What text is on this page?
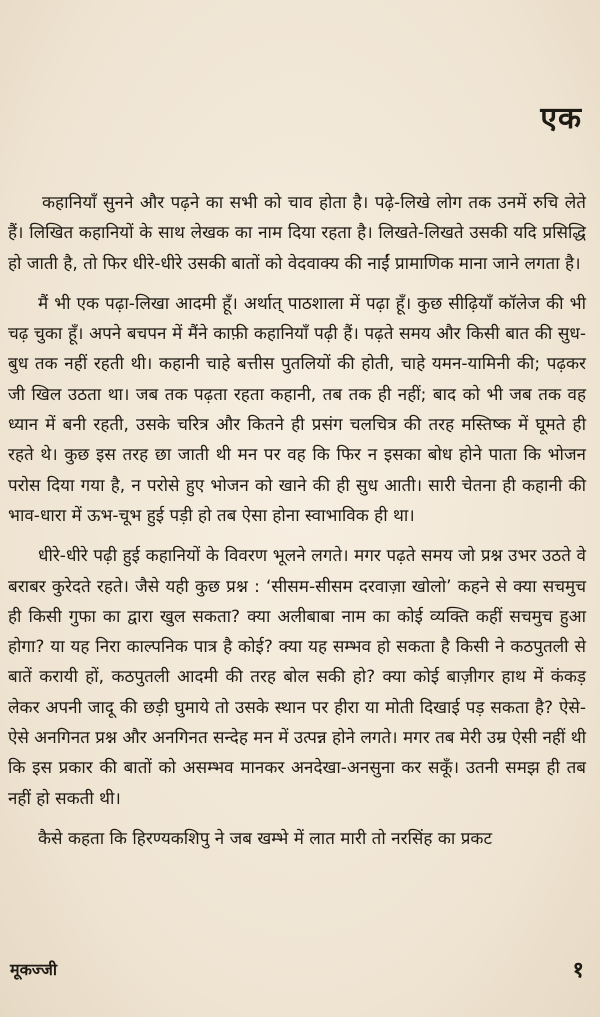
एक

कहानियाँ सुनने और पढ़ने का सभी को चाव होता है। पढ़े-लिखे लोग तक उनमें रुचि लेते हैं। लिखित कहानियों के साथ लेखक का नाम दिया रहता है। लिखते-लिखते उसकी यदि प्रसिद्धि हो जाती है, तो फिर धीरे-धीरे उसकी बातों को वेदवाक्य की नाईं प्रामाणिक माना जाने लगता है।

मैं भी एक पढ़ा-लिखा आदमी हूँ। अर्थात् पाठशाला में पढ़ा हूँ। कुछ सीढ़ियाँ कॉलेज की भी चढ़ चुका हूँ। अपने बचपन में मैंने काफ़ी कहानियाँ पढ़ी हैं। पढ़ते समय और किसी बात की सुध-बुध तक नहीं रहती थी। कहानी चाहे बत्तीस पुतलियों की होती, चाहे यमन-यामिनी की; पढ़कर जी खिल उठता था। जब तक पढ़ता रहता कहानी, तब तक ही नहीं; बाद को भी जब तक वह ध्यान में बनी रहती, उसके चरित्र और कितने ही प्रसंग चलचित्र की तरह मस्तिष्क में घूमते ही रहते थे। कुछ इस तरह छा जाती थी मन पर वह कि फिर न इसका बोध होने पाता कि भोजन परोस दिया गया है, न परोसे हुए भोजन को खाने की ही सुध आती। सारी चेतना ही कहानी की भाव-धारा में ऊभ-चूभ हुई पड़ी हो तब ऐसा होना स्वाभाविक ही था।

धीरे-धीरे पढ़ी हुई कहानियों के विवरण भूलने लगते। मगर पढ़ते समय जो प्रश्न उभर उठते वे बराबर कुरेदते रहते। जैसे यही कुछ प्रश्न : ‘सीसम-सीसम दरवाज़ा खोलो’ कहने से क्या सचमुच ही किसी गुफा का द्वारा खुल सकता? क्या अलीबाबा नाम का कोई व्यक्ति कहीं सचमुच हुआ होगा? या यह निरा काल्पनिक पात्र है कोई? क्या यह सम्भव हो सकता है किसी ने कठपुतली से बातें करायी हों, कठपुतली आदमी की तरह बोल सकी हो? क्या कोई बाज़ीगर हाथ में कंकड़ लेकर अपनी जादू की छड़ी घुमाये तो उसके स्थान पर हीरा या मोती दिखाई पड़ सकता है? ऐसे-ऐसे अनगिनत प्रश्न और अनगिनत सन्देह मन में उत्पन्न होने लगते। मगर तब मेरी उम्र ऐसी नहीं थी कि इस प्रकार की बातों को असम्भव मानकर अनदेखा-अनसुना कर सकूँ। उतनी समझ ही तब नहीं हो सकती थी।

कैसे कहता कि हिरण्यकशिपु ने जब खम्भे में लात मारी तो नरसिंह का प्रकट

मूकज्जी	१
